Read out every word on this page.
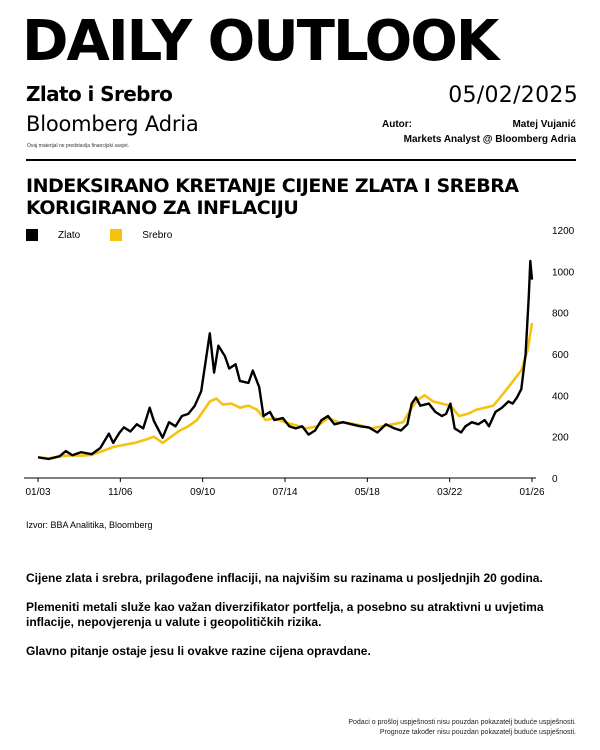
DAILY OUTLOOK
Zlato i Srebro	05/02/2025
Bloomberg Adria
Ovaj materijal ne predstavlja financijski savjet.
Autor:	Matej Vujanić
Markets Analyst @ Bloomberg Adria
INDEKSIRANO KRETANJE CIJENE ZLATA I SREBRA KORIGIRANO ZA INFLACIJU
Zlato	Srebro
0
200
400
600
800
1000
1200
01/03	11/06	09/10	07/14	05/18	03/22	01/26
Izvor: BBA Analitika, Bloomberg
Cijene zlata i srebra, prilagođene inflaciji, na najvišim su razinama u posljednjih 20 godina.
Plemeniti metali služe kao važan diverzifikator portfelja, a posebno su atraktivni u uvjetima inflacije, nepovjerenja u valute i geopolitičkih rizika.
Glavno pitanje ostaje jesu li ovakve razine cijena opravdane.
Podaci o prošloj uspješnosti nisu pouzdan pokazatelj buduće uspješnosti.
Prognoze također nisu pouzdan pokazatelj buduće uspješnosti.
